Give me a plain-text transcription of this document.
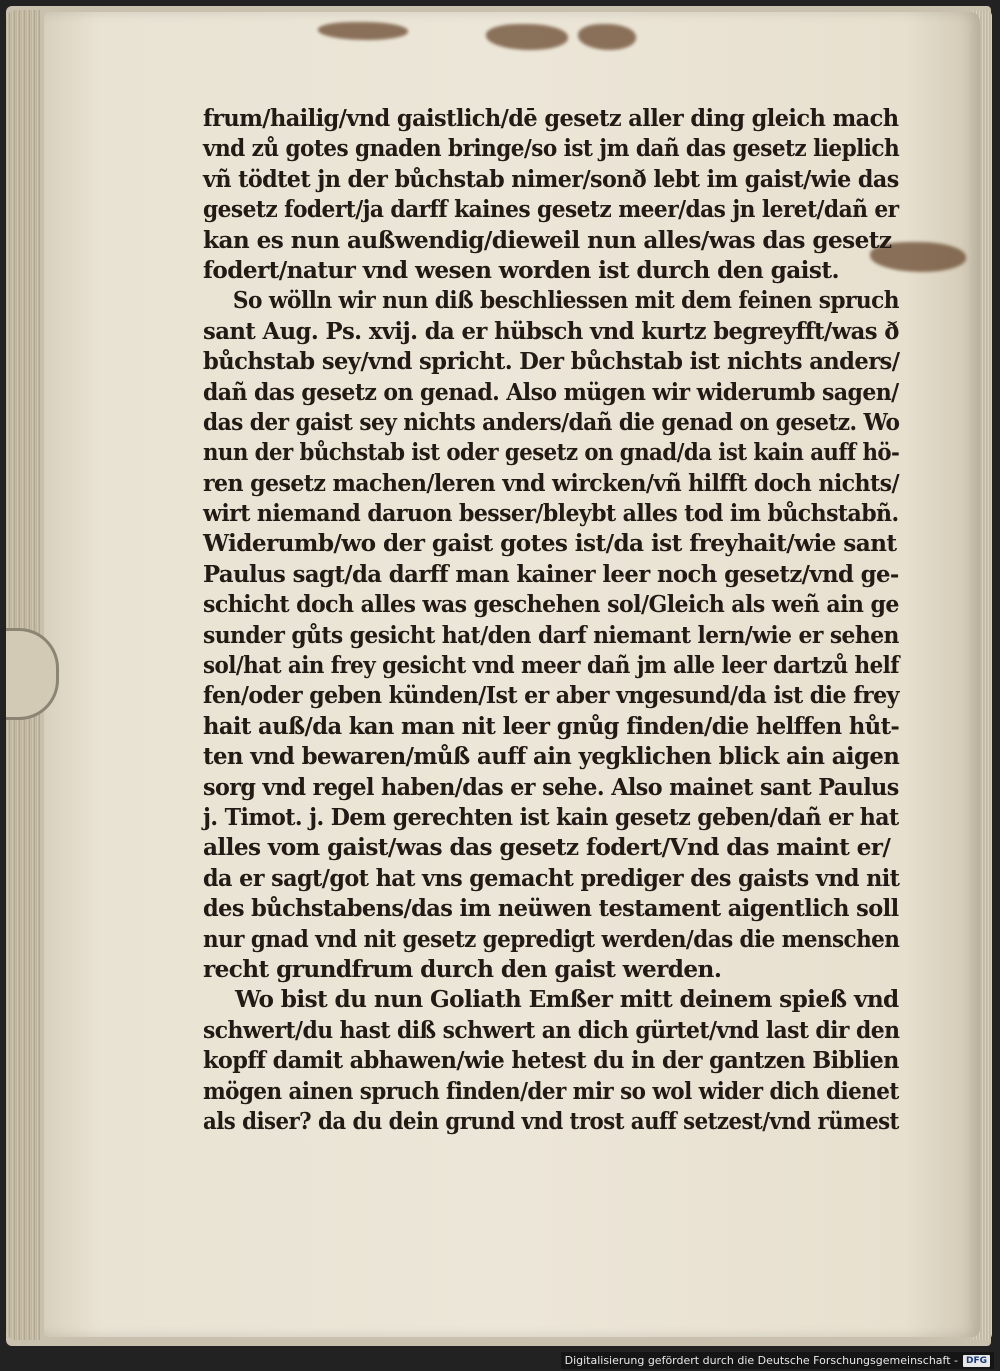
frum/hailig/vnd gaistlich/dē gesetz aller ding gleich mach
vnd zů gotes gnaden bringe/so ist jm dañ das gesetz lieplich
vñ tödtet jn der bůchstab nimer/sonð lebt im gaist/wie das
gesetz fodert/ja darff kaines gesetz meer/das jn leret/dañ er
kan es nun außwendig/dieweil nun alles/was das gesetz
fodert/natur vnd wesen worden ist durch den gaist.
So wölln wir nun diß beschliessen mit dem feinen spruch
sant Aug. Ps. xvij. da er hübsch vnd kurtz begreyfft/was ð
bůchstab sey/vnd spricht. Der bůchstab ist nichts anders/
dañ das gesetz on genad. Also mügen wir widerumb sagen/
das der gaist sey nichts anders/dañ die genad on gesetz. Wo
nun der bůchstab ist oder gesetz on gnad/da ist kain auff hö-
ren gesetz machen/leren vnd wircken/vñ hilfft doch nichts/
wirt niemand daruon besser/bleybt alles tod im bůchstabñ.
Widerumb/wo der gaist gotes ist/da ist freyhait/wie sant
Paulus sagt/da darff man kainer leer noch gesetz/vnd ge-
schicht doch alles was geschehen sol/Gleich als weñ ain ge
sunder gůts gesicht hat/den darf niemant lern/wie er sehen
sol/hat ain frey gesicht vnd meer dañ jm alle leer dartzů helf
fen/oder geben künden/Ist er aber vngesund/da ist die frey
hait auß/da kan man nit leer gnůg finden/die helffen hůt-
ten vnd bewaren/můß auff ain yegklichen blick ain aigen
sorg vnd regel haben/das er sehe. Also mainet sant Paulus
j. Timot. j. Dem gerechten ist kain gesetz geben/dañ er hat
alles vom gaist/was das gesetz fodert/Vnd das maint er/
da er sagt/got hat vns gemacht prediger des gaists vnd nit
des bůchstabens/das im neüwen testament aigentlich soll
nur gnad vnd nit gesetz gepredigt werden/das die menschen
recht grundfrum durch den gaist werden.
Wo bist du nun Goliath Emßer mitt deinem spieß vnd
schwert/du hast diß schwert an dich gürtet/vnd last dir den
kopff damit abhawen/wie hetest du in der gantzen Biblien
mögen ainen spruch finden/der mir so wol wider dich dienet
als diser? da du dein grund vnd trost auff setzest/vnd rümest
Digitalisierung gefördert durch die Deutsche Forschungsgemeinschaft - DFG
